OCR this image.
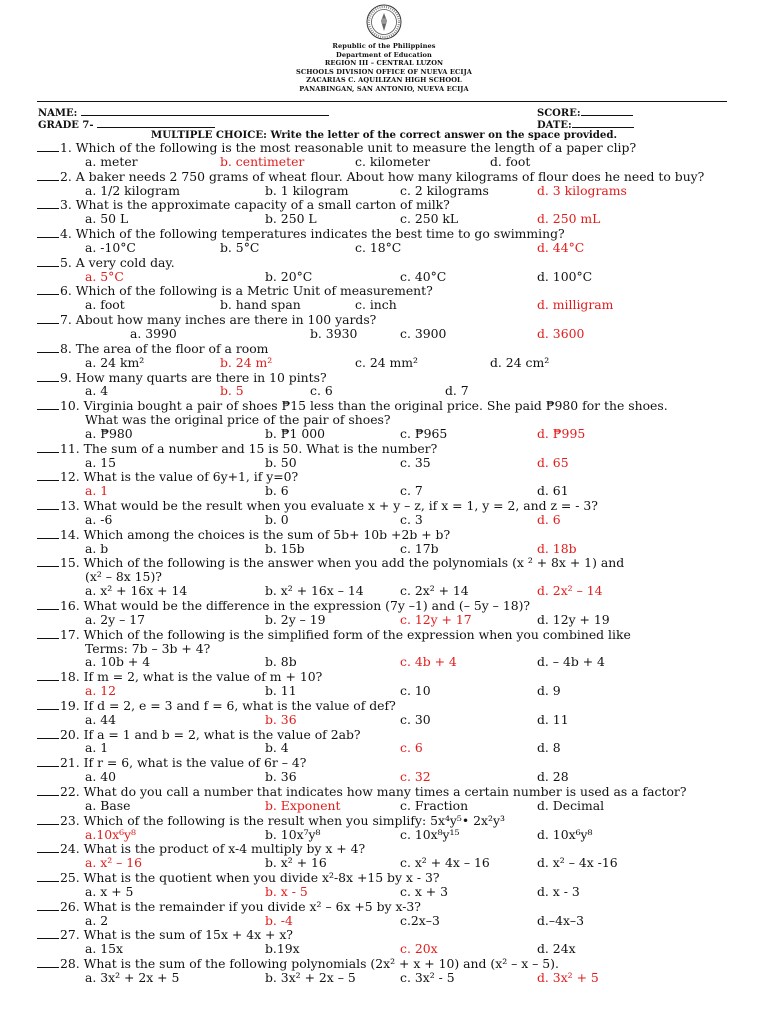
Republic of the Philippines
Department of Education
REGION III – CENTRAL LUZON
SCHOOLS DIVISION OFFICE OF NUEVA ECIJA
ZACARIAS C. AQUILIZAN HIGH SCHOOL
PANABINGAN, SAN ANTONIO, NUEVA ECIJA
NAME:	SCORE:
GRADE 7-	DATE:
MULTIPLE CHOICE: Write the letter of the correct answer on the space provided.
1. Which of the following is the most reasonable unit to measure the length of a paper clip?
a. meter	b. centimeter	c. kilometer	d. foot
2. A baker needs 2 750 grams of wheat flour. About how many kilograms of flour does he need to buy?
a. 1/2 kilogram	b. 1 kilogram	c. 2 kilograms	d. 3 kilograms
3. What is the approximate capacity of a small carton of milk?
a. 50 L	b. 250 L	c. 250 kL	d. 250 mL
4. Which of the following temperatures indicates the best time to go swimming?
a. -10°C	b. 5°C	c. 18°C	d. 44°C
5. A very cold day.
a. 5°C	b. 20°C	c. 40°C	d. 100°C
6. Which of the following is a Metric Unit of measurement?
a. foot	b. hand span	c. inch	d. milligram
7. About how many inches are there in 100 yards?
a. 3990	b. 3930	c. 3900	d. 3600
8. The area of the floor of a room
a. 24 km²	b. 24 m²	c. 24 mm²	d. 24 cm²
9. How many quarts are there in 10 pints?
a. 4	b. 5	c. 6	d. 7
10. Virginia bought a pair of shoes ₱15 less than the original price. She paid ₱980 for the shoes.
What was the original price of the pair of shoes?
a. ₱980	b. ₱1 000	c. ₱965	d. ₱995
11. The sum of a number and 15 is 50. What is the number?
a. 15	b. 50	c. 35	d. 65
12. What is the value of 6y+1, if y=0?
a. 1	b. 6	c. 7	d. 61
13. What would be the result when you evaluate x + y – z, if x = 1, y = 2, and z = - 3?
a. -6	b. 0	c. 3	d. 6
14. Which among the choices is the sum of 5b+ 10b +2b + b?
a. b	b. 15b	c. 17b	d. 18b
15. Which of the following is the answer when you add the polynomials (x ² + 8x + 1) and
(x² – 8x 15)?
a. x² + 16x + 14	b. x² + 16x – 14	c. 2x² + 14	d. 2x² – 14
16. What would be the difference in the expression (7y –1) and (– 5y – 18)?
a. 2y – 17	b. 2y – 19	c. 12y + 17	d. 12y + 19
17. Which of the following is the simplified form of the expression when you combined like
Terms: 7b – 3b + 4?
a. 10b + 4	b. 8b	c. 4b + 4	d. – 4b + 4
18. If m = 2, what is the value of m + 10?
a. 12	b. 11	c. 10	d. 9
19. If d = 2, e = 3 and f = 6, what is the value of def?
a. 44	b. 36	c. 30	d. 11
20. If a = 1 and b = 2, what is the value of 2ab?
a. 1	b. 4	c. 6	d. 8
21. If r = 6, what is the value of 6r – 4?
a. 40	b. 36	c. 32	d. 28
22. What do you call a number that indicates how many times a certain number is used as a factor?
a. Base	b. Exponent	c. Fraction	d. Decimal
23. Which of the following is the result when you simplify: 5x⁴y⁵• 2x²y³
a.10x⁶y⁸	b. 10x⁷y⁸	c. 10x⁸y¹⁵	d. 10x⁶y⁸
24. What is the product of x-4 multiply by x + 4?
a. x² – 16	b. x² + 16	c. x² + 4x – 16	d. x² – 4x -16
25. What is the quotient when you divide x²-8x +15 by x - 3?
a. x + 5	b. x - 5	c. x + 3	d. x - 3
26. What is the remainder if you divide x² – 6x +5 by x-3?
a. 2	b. -4	c.2x–3	d.–4x–3
27. What is the sum of 15x + 4x + x?
a. 15x	b.19x	c. 20x	d. 24x
28. What is the sum of the following polynomials (2x² + x + 10) and (x² – x – 5).
a. 3x² + 2x + 5	b. 3x² + 2x – 5	c. 3x² - 5	d. 3x² + 5
